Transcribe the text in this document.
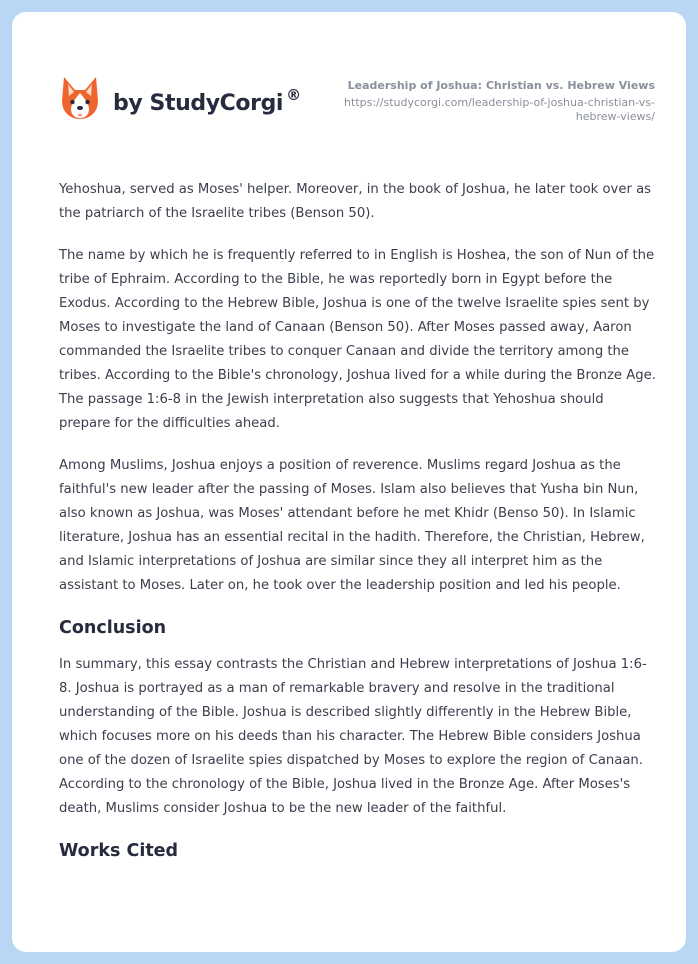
by StudyCorgi ®
Leadership of Joshua: Christian vs. Hebrew Views
https://studycorgi.com/leadership-of-joshua-christian-vs-hebrew-views/

Yehoshua, served as Moses' helper. Moreover, in the book of Joshua, he later took over as the patriarch of the Israelite tribes (Benson 50).

The name by which he is frequently referred to in English is Hoshea, the son of Nun of the tribe of Ephraim. According to the Bible, he was reportedly born in Egypt before the Exodus. According to the Hebrew Bible, Joshua is one of the twelve Israelite spies sent by Moses to investigate the land of Canaan (Benson 50). After Moses passed away, Aaron commanded the Israelite tribes to conquer Canaan and divide the territory among the tribes. According to the Bible's chronology, Joshua lived for a while during the Bronze Age. The passage 1:6-8 in the Jewish interpretation also suggests that Yehoshua should prepare for the difficulties ahead.

Among Muslims, Joshua enjoys a position of reverence. Muslims regard Joshua as the faithful's new leader after the passing of Moses. Islam also believes that Yusha bin Nun, also known as Joshua, was Moses' attendant before he met Khidr (Benso 50). In Islamic literature, Joshua has an essential recital in the hadith. Therefore, the Christian, Hebrew, and Islamic interpretations of Joshua are similar since they all interpret him as the assistant to Moses. Later on, he took over the leadership position and led his people.

Conclusion

In summary, this essay contrasts the Christian and Hebrew interpretations of Joshua 1:6-8. Joshua is portrayed as a man of remarkable bravery and resolve in the traditional understanding of the Bible. Joshua is described slightly differently in the Hebrew Bible, which focuses more on his deeds than his character. The Hebrew Bible considers Joshua one of the dozen of Israelite spies dispatched by Moses to explore the region of Canaan. According to the chronology of the Bible, Joshua lived in the Bronze Age. After Moses's death, Muslims consider Joshua to be the new leader of the faithful.

Works Cited
